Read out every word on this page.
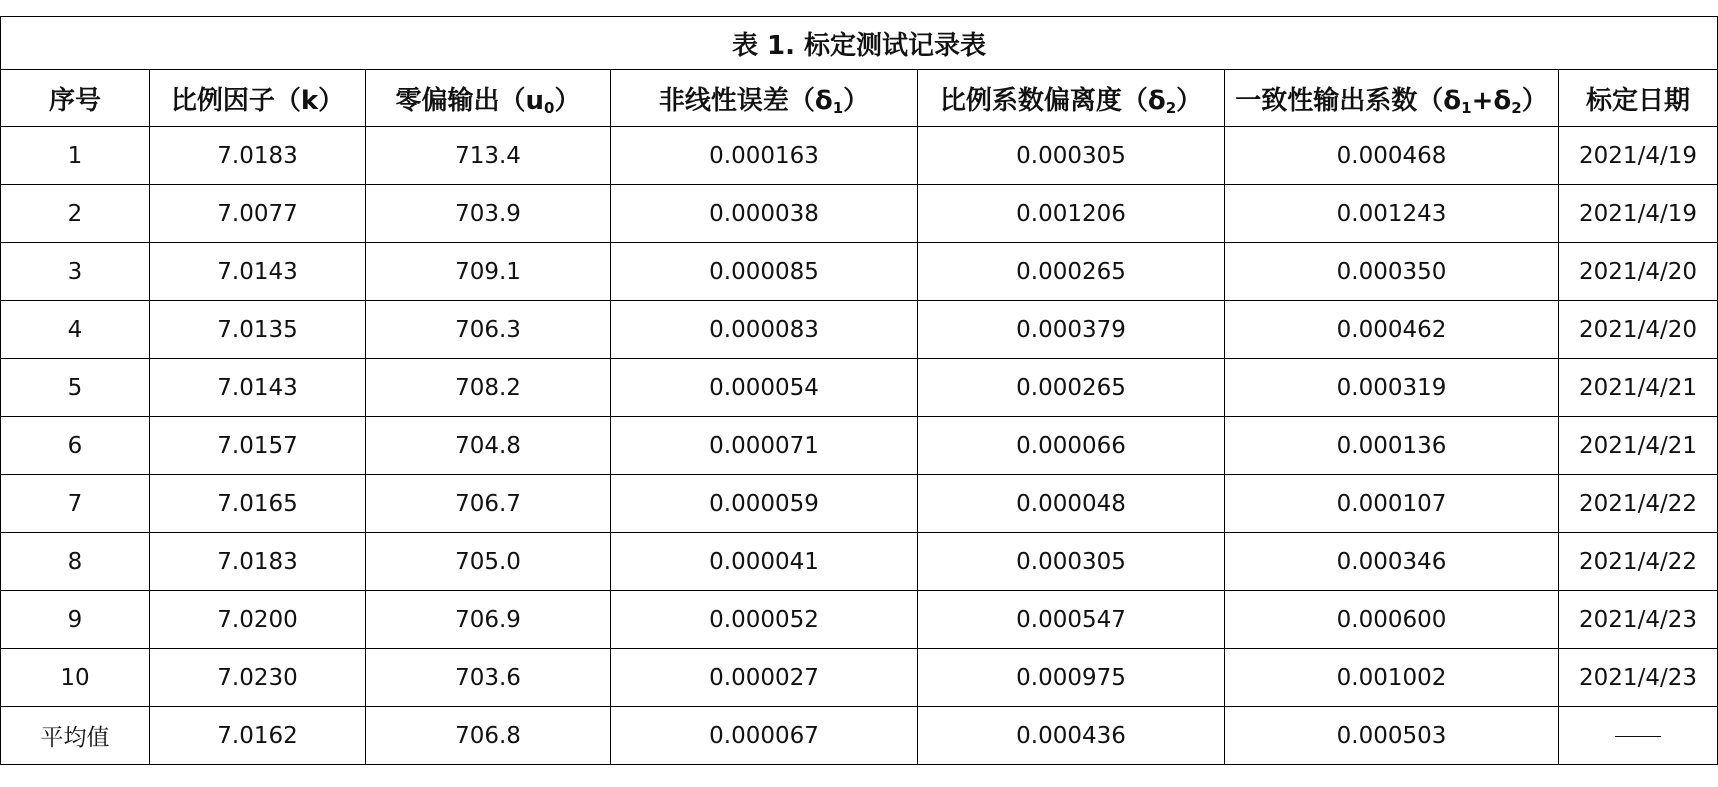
表 1. 标定测试记录表						
序号	比例因子（k）	零偏输出$(u_0)$	非线性误差$(\delta_1)$	比例系数偏离度$(\delta_2)$	一致性输出系数$(\delta_1+\delta_2)$	标定日期
1	7.0183	713.4	0.000163	0.000305	0.000468	2021/4/19
2	7.0077	703.9	0.000038	0.001206	0.001243	2021/4/19
3	7.0143	709.1	0.000085	0.000265	0.000350	2021/4/20
4	7.0135	706.3	0.000083	0.000379	0.000462	2021/4/20
5	7.0143	708.2	0.000054	0.000265	0.000319	2021/4/21
6	7.0157	704.8	0.000071	0.000066	0.000136	2021/4/21
7	7.0165	706.7	0.000059	0.000048	0.000107	2021/4/22
8	7.0183	705.0	0.000041	0.000305	0.000346	2021/4/22
9	7.0200	706.9	0.000052	0.000547	0.000600	2021/4/23
10	7.0230	703.6	0.000027	0.000975	0.001002	2021/4/23
平均值	7.0162	706.8	0.000067	0.000436	0.000503	
